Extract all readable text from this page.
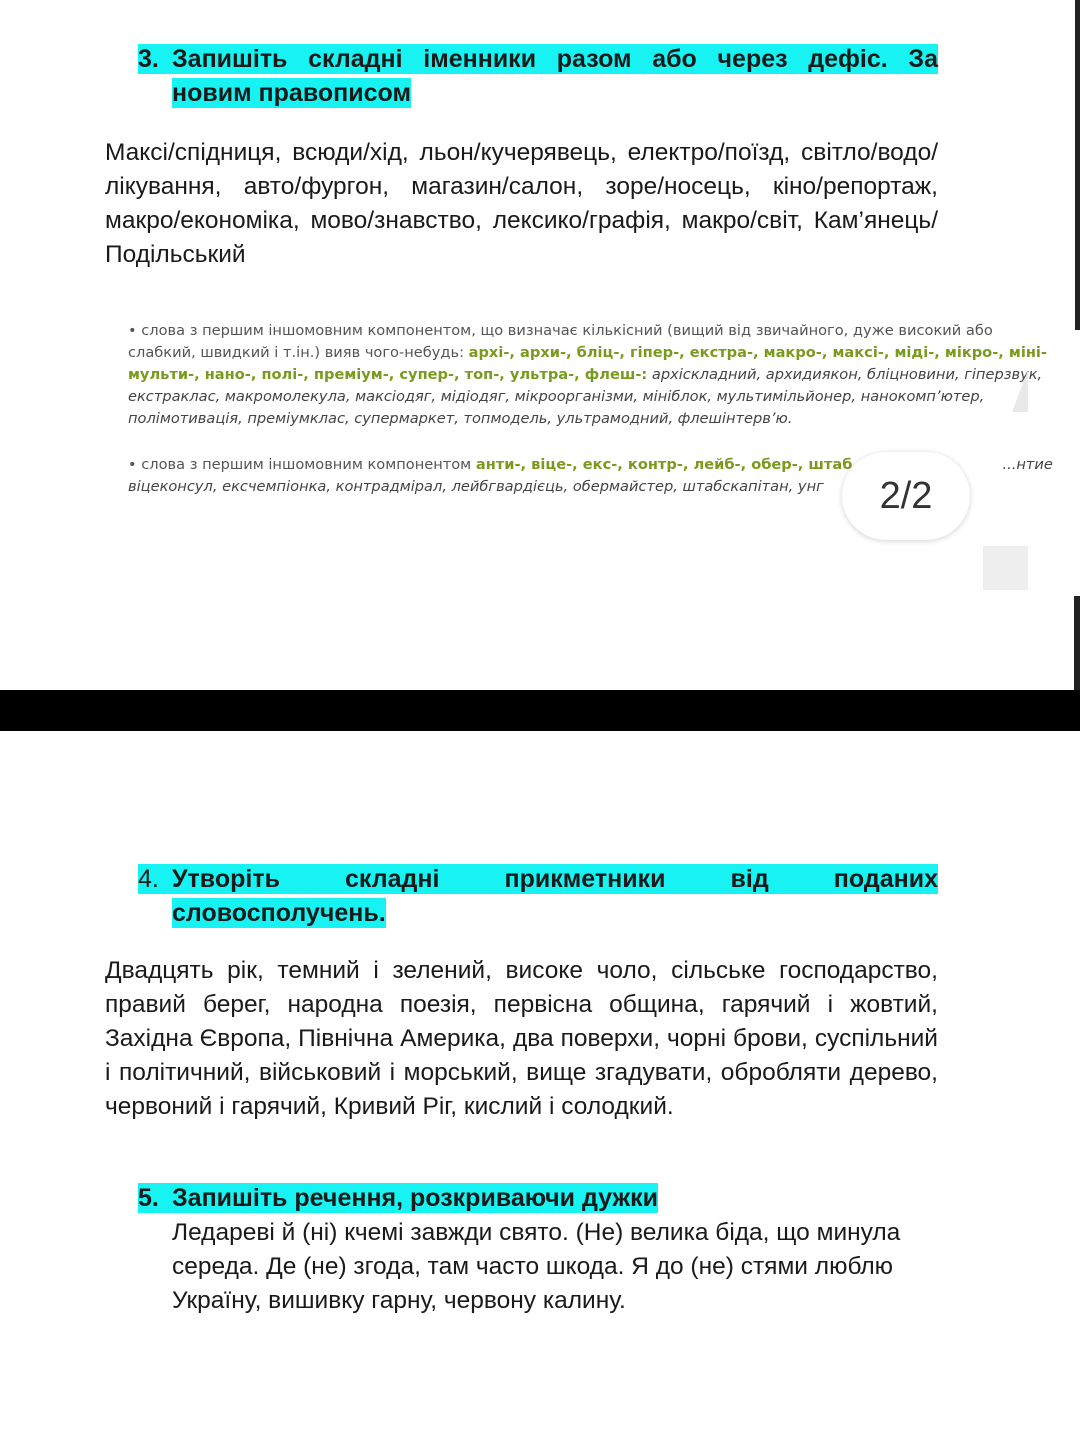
3. Запишіть складні іменники разом або через дефіс. За
новим правописом

Максі/спідниця, всюди/хід, льон/кучерявець, електро/поїзд, світло/водо/лікування, авто/фургон, магазин/салон, зоре/носець, кіно/репортаж, макро/економіка, мово/знавство, лексико/графія, макро/світ, Кам’янець/ Подільський

• слова з першим іншомовним компонентом, що визначає кількісний (вищий від звичайного, дуже високий або слабкий, швидкий і т.ін.) вияв чого-небудь: архі-, архи-, бліц-, гіпер-, екстра-, макро-, максі-, міді-, мікро-, міні-мульти-, нано-, полі-, преміум-, супер-, топ-, ультра-, флеш-: архіскладний, архидиякон, бліцновини, гіперзвук, екстраклас, макромолекула, максіодяг, мідіодяг, мікроорганізми, мініблок, мультимільйонер, нанокомп’ютер, полімотивація, преміумклас, супермаркет, топмодель, ультрамодний, флешінтерв’ю.
• слова з першим іншомовним компонентом анти-, віце-, екс-, контр-, лейб-, обер-, штаб	...нтие
віцеконсул, ексчемпіонка, контрадмірал, лейбгвардієць, обермайстер, штабскапітан, унг	2/2
4. Утворіть складні прикметники від поданих
словосполучень.

Двадцять рік, темний і зелений, високе чоло, сільське господарство, правий берег, народна поезія, первісна община, гарячий і жовтий, Західна Європа, Північна Америка, два поверхи, чорні брови, суспільний і політичний, військовий і морський, вище згадувати, обробляти дерево, червоний і гарячий, Кривий Ріг, кислий і солодкий.

5. Запишіть речення, розкриваючи дужки

Ледареві й (ні) кчемі завжди свято. (Не) велика біда, що минула середа. Де (не) згода, там часто шкода. Я до (не) стями люблю Україну, вишивку гарну, червону калину.
